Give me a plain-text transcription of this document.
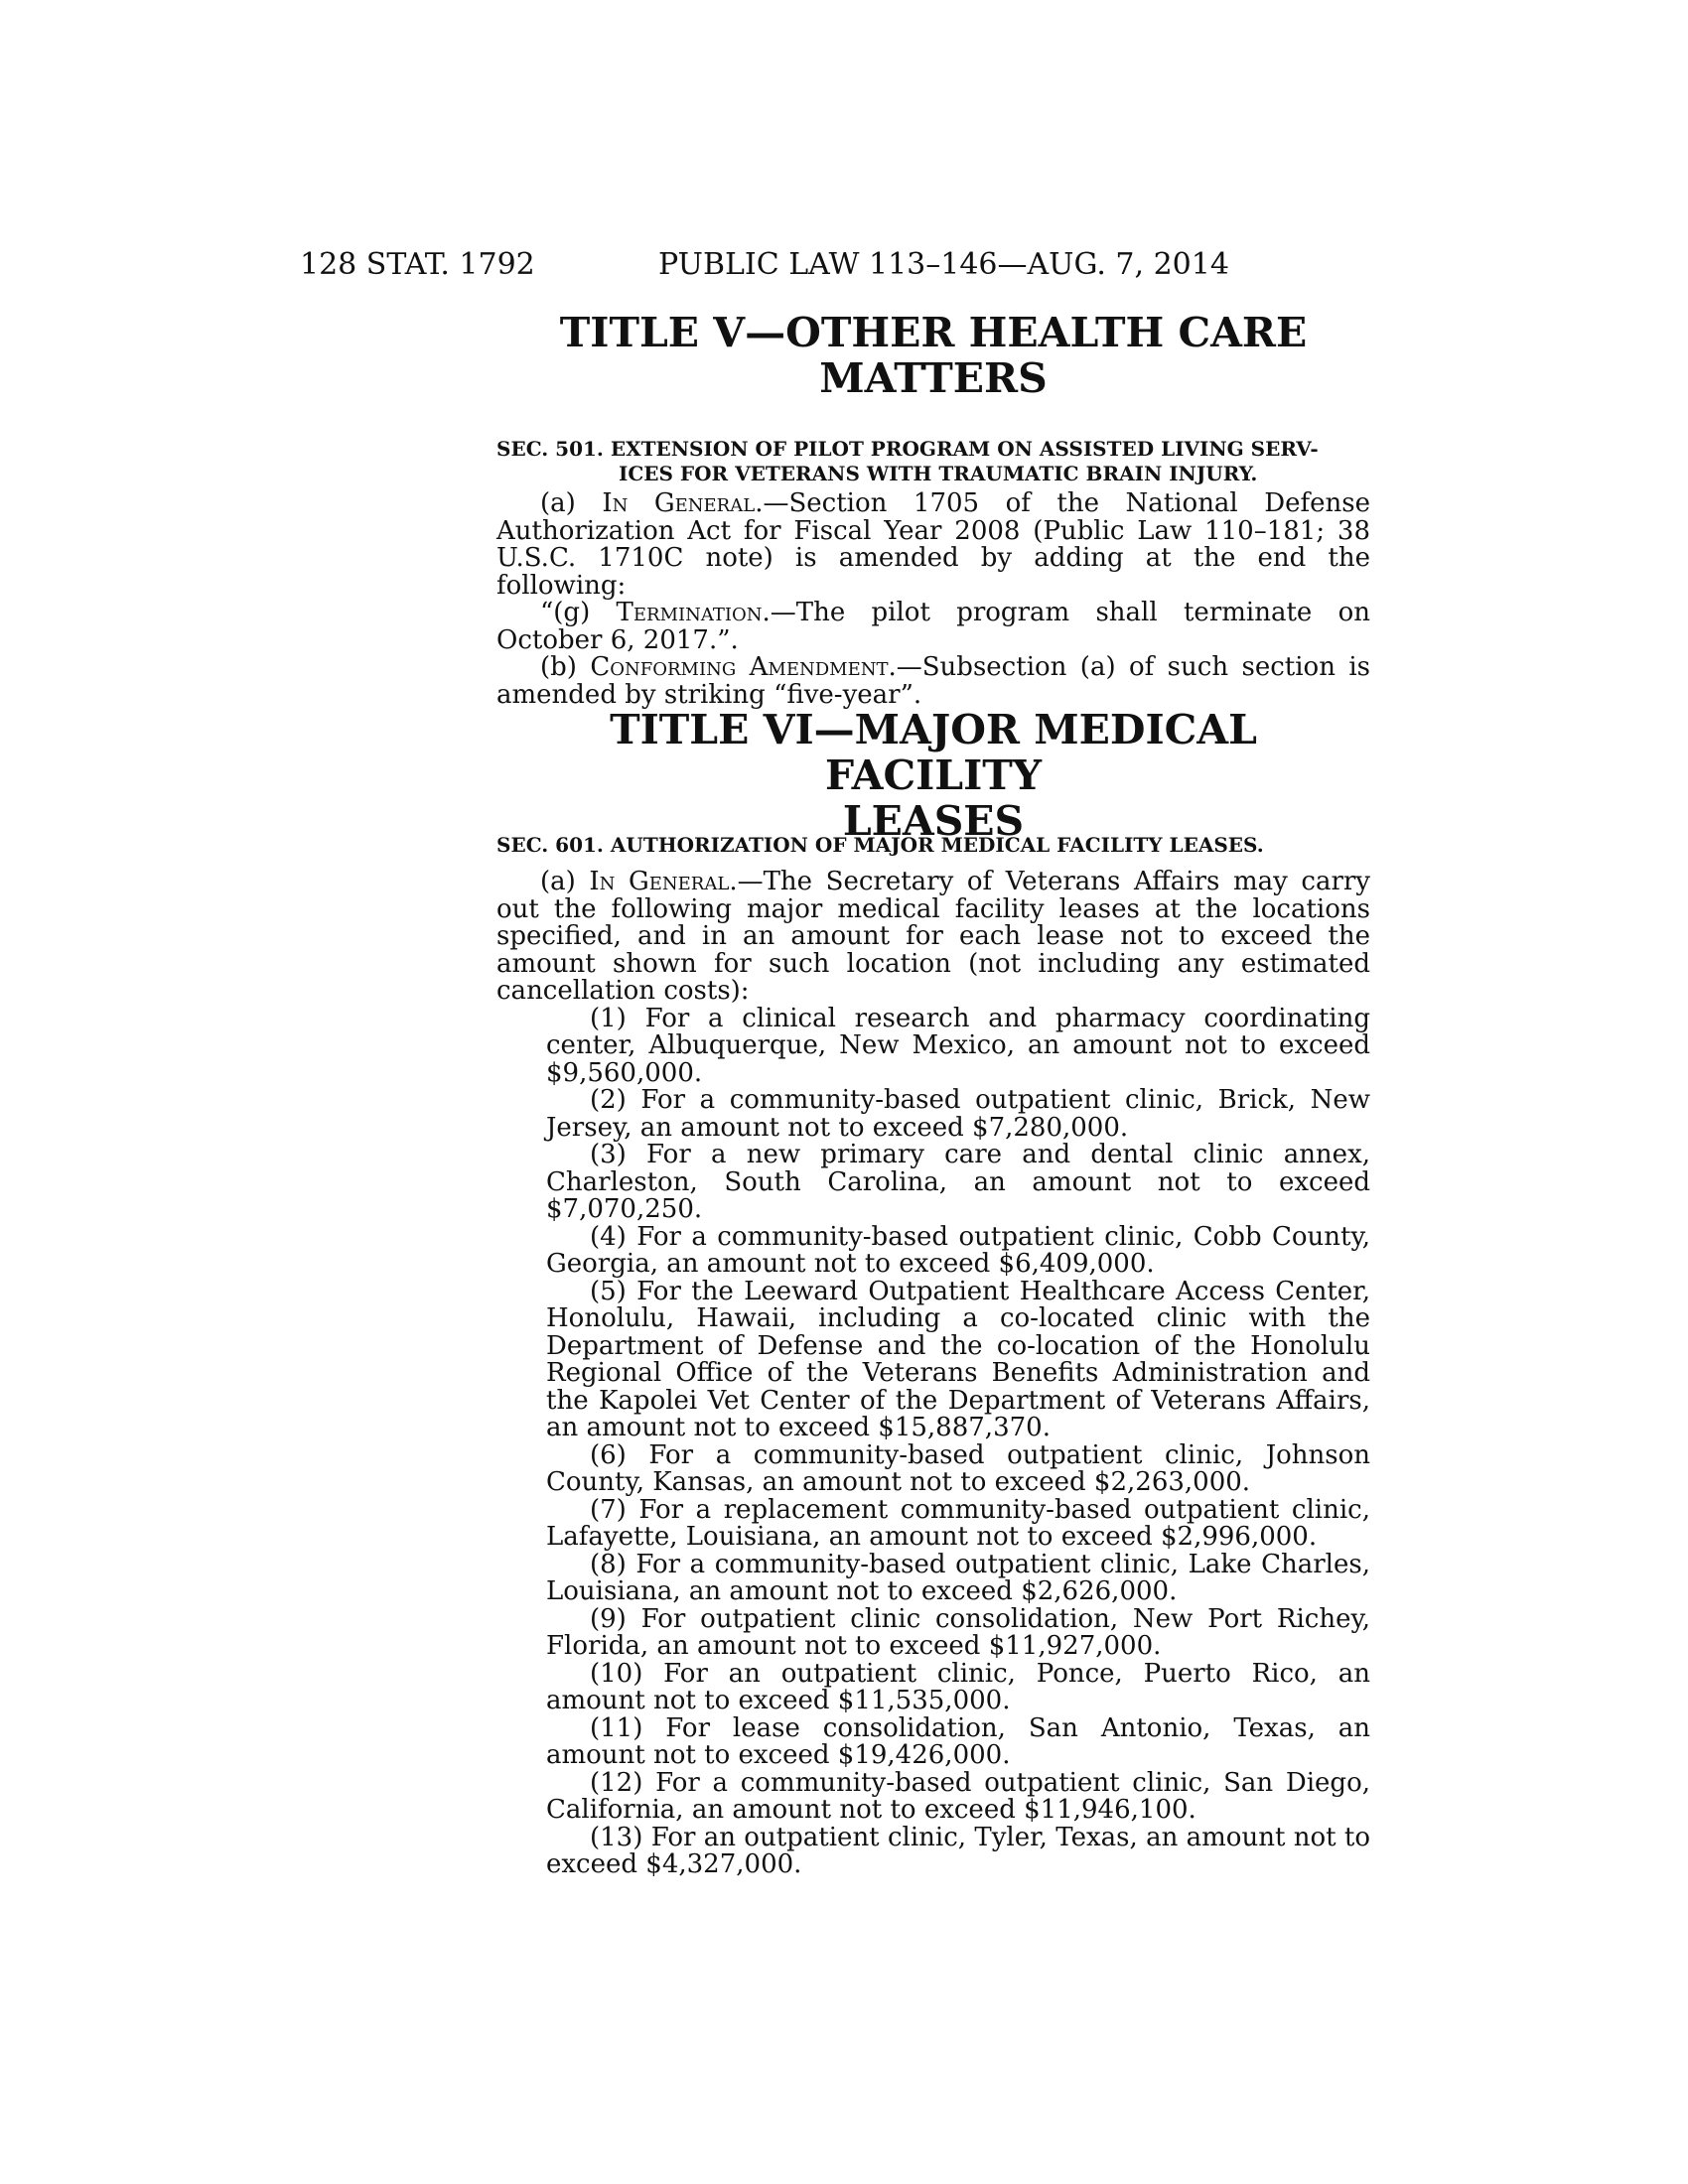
128 STAT. 1792	PUBLIC LAW 113–146—AUG. 7, 2014
TITLE V—OTHER HEALTH CARE
MATTERS
SEC. 501. EXTENSION OF PILOT PROGRAM ON ASSISTED LIVING SERV-
ICES FOR VETERANS WITH TRAUMATIC BRAIN INJURY.

(a) In General.—Section 1705 of the National Defense Authorization Act for Fiscal Year 2008 (Public Law 110–181; 38 U.S.C. 1710C note) is amended by adding at the end the following:

“(g) Termination.—The pilot program shall terminate on October 6, 2017.”.

(b) Conforming Amendment.—Subsection (a) of such section is amended by striking “five-year”.

TITLE VI—MAJOR MEDICAL FACILITY
LEASES
SEC. 601. AUTHORIZATION OF MAJOR MEDICAL FACILITY LEASES.

(a) In General.—The Secretary of Veterans Affairs may carry out the following major medical facility leases at the locations specified, and in an amount for each lease not to exceed the amount shown for such location (not including any estimated cancellation costs):

(1) For a clinical research and pharmacy coordinating center, Albuquerque, New Mexico, an amount not to exceed $9,560,000.

(2) For a community-based outpatient clinic, Brick, New Jersey, an amount not to exceed $7,280,000.

(3) For a new primary care and dental clinic annex, Charleston, South Carolina, an amount not to exceed $7,070,250.

(4) For a community-based outpatient clinic, Cobb County, Georgia, an amount not to exceed $6,409,000.

(5) For the Leeward Outpatient Healthcare Access Center, Honolulu, Hawaii, including a co-located clinic with the Department of Defense and the co-location of the Honolulu Regional Office of the Veterans Benefits Administration and the Kapolei Vet Center of the Department of Veterans Affairs, an amount not to exceed $15,887,370.

(6) For a community-based outpatient clinic, Johnson County, Kansas, an amount not to exceed $2,263,000.

(7) For a replacement community-based outpatient clinic, Lafayette, Louisiana, an amount not to exceed $2,996,000.

(8) For a community-based outpatient clinic, Lake Charles, Louisiana, an amount not to exceed $2,626,000.

(9) For outpatient clinic consolidation, New Port Richey, Florida, an amount not to exceed $11,927,000.

(10) For an outpatient clinic, Ponce, Puerto Rico, an amount not to exceed $11,535,000.

(11) For lease consolidation, San Antonio, Texas, an amount not to exceed $19,426,000.

(12) For a community-based outpatient clinic, San Diego, California, an amount not to exceed $11,946,100.

(13) For an outpatient clinic, Tyler, Texas, an amount not to exceed $4,327,000.
